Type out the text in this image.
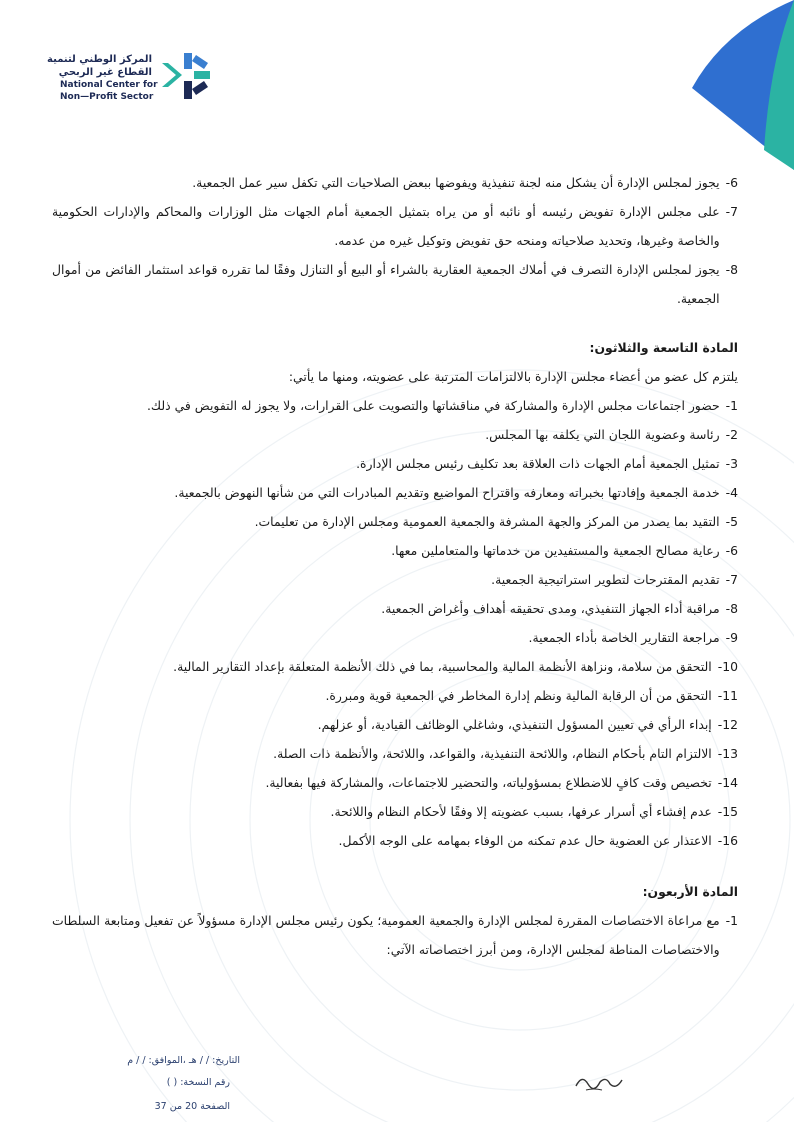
المركز الوطني لتنمية
القطاع غير الربحي
National Center for
Non—Profit Sector
6-
يجوز لمجلس الإدارة أن يشكل منه لجنة تنفيذية ويفوضها ببعض الصلاحيات التي تكفل سير عمل الجمعية.
7-
على مجلس الإدارة تفويض رئيسه أو نائبه أو من يراه بتمثيل الجمعية أمام الجهات مثل الوزارات والمحاكم والإدارات الحكومية والخاصة وغيرها، وتحديد صلاحياته ومنحه حق تفويض وتوكيل غيره من عدمه.
8-
يجوز لمجلس الإدارة التصرف في أملاك الجمعية العقارية بالشراء أو البيع أو التنازل وفقًا لما تقرره قواعد استثمار الفائض من أموال الجمعية.
المادة التاسعة والثلاثون:
يلتزم كل عضو من أعضاء مجلس الإدارة بالالتزامات المترتبة على عضويته، ومنها ما يأتي:
1-
حضور اجتماعات مجلس الإدارة والمشاركة في مناقشاتها والتصويت على القرارات، ولا يجوز له التفويض في ذلك.
2-
رئاسة وعضوية اللجان التي يكلفه بها المجلس.
3-
تمثيل الجمعية أمام الجهات ذات العلاقة بعد تكليف رئيس مجلس الإدارة.
4-
خدمة الجمعية وإفادتها بخبراته ومعارفه واقتراح المواضيع وتقديم المبادرات التي من شأنها النهوض بالجمعية.
5-
التقيد بما يصدر من المركز والجهة المشرفة والجمعية العمومية ومجلس الإدارة من تعليمات.
6-
رعاية مصالح الجمعية والمستفيدين من خدماتها والمتعاملين معها.
7-
تقديم المقترحات لتطوير استراتيجية الجمعية.
8-
مراقبة أداء الجهاز التنفيذي، ومدى تحقيقه أهداف وأغراض الجمعية.
9-
مراجعة التقارير الخاصة بأداء الجمعية.
10-
التحقق من سلامة، ونزاهة الأنظمة المالية والمحاسبية، بما في ذلك الأنظمة المتعلقة بإعداد التقارير المالية.
11-
التحقق من أن الرقابة المالية ونظم إدارة المخاطر في الجمعية قوية ومبررة.
12-
إبداء الرأي في تعيين المسؤول التنفيذي، وشاغلي الوظائف القيادية، أو عزلهم.
13-
الالتزام التام بأحكام النظام، واللائحة التنفيذية، والقواعد، واللائحة، والأنظمة ذات الصلة.
14-
تخصيص وقت كافٍ للاضطلاع بمسؤولياته، والتحضير للاجتماعات، والمشاركة فيها بفعالية.
15-
عدم إفشاء أي أسرار عرفها، بسبب عضويته إلا وفقًا لأحكام النظام واللائحة.
16-
الاعتذار عن العضوية حال عدم تمكنه من الوفاء بمهامه على الوجه الأكمل.
المادة الأربعون:
1-
مع مراعاة الاختصاصات المقررة لمجلس الإدارة والجمعية العمومية؛ يكون رئيس مجلس الإدارة مسؤولاً عن تفعيل ومتابعة السلطات والاختصاصات المناطة لمجلس الإدارة، ومن أبرز اختصاصاته الآتي:
التاريخ: / / هـ ،الموافق: / / م
رقم النسخة: ( )
الصفحة 20 من 37
